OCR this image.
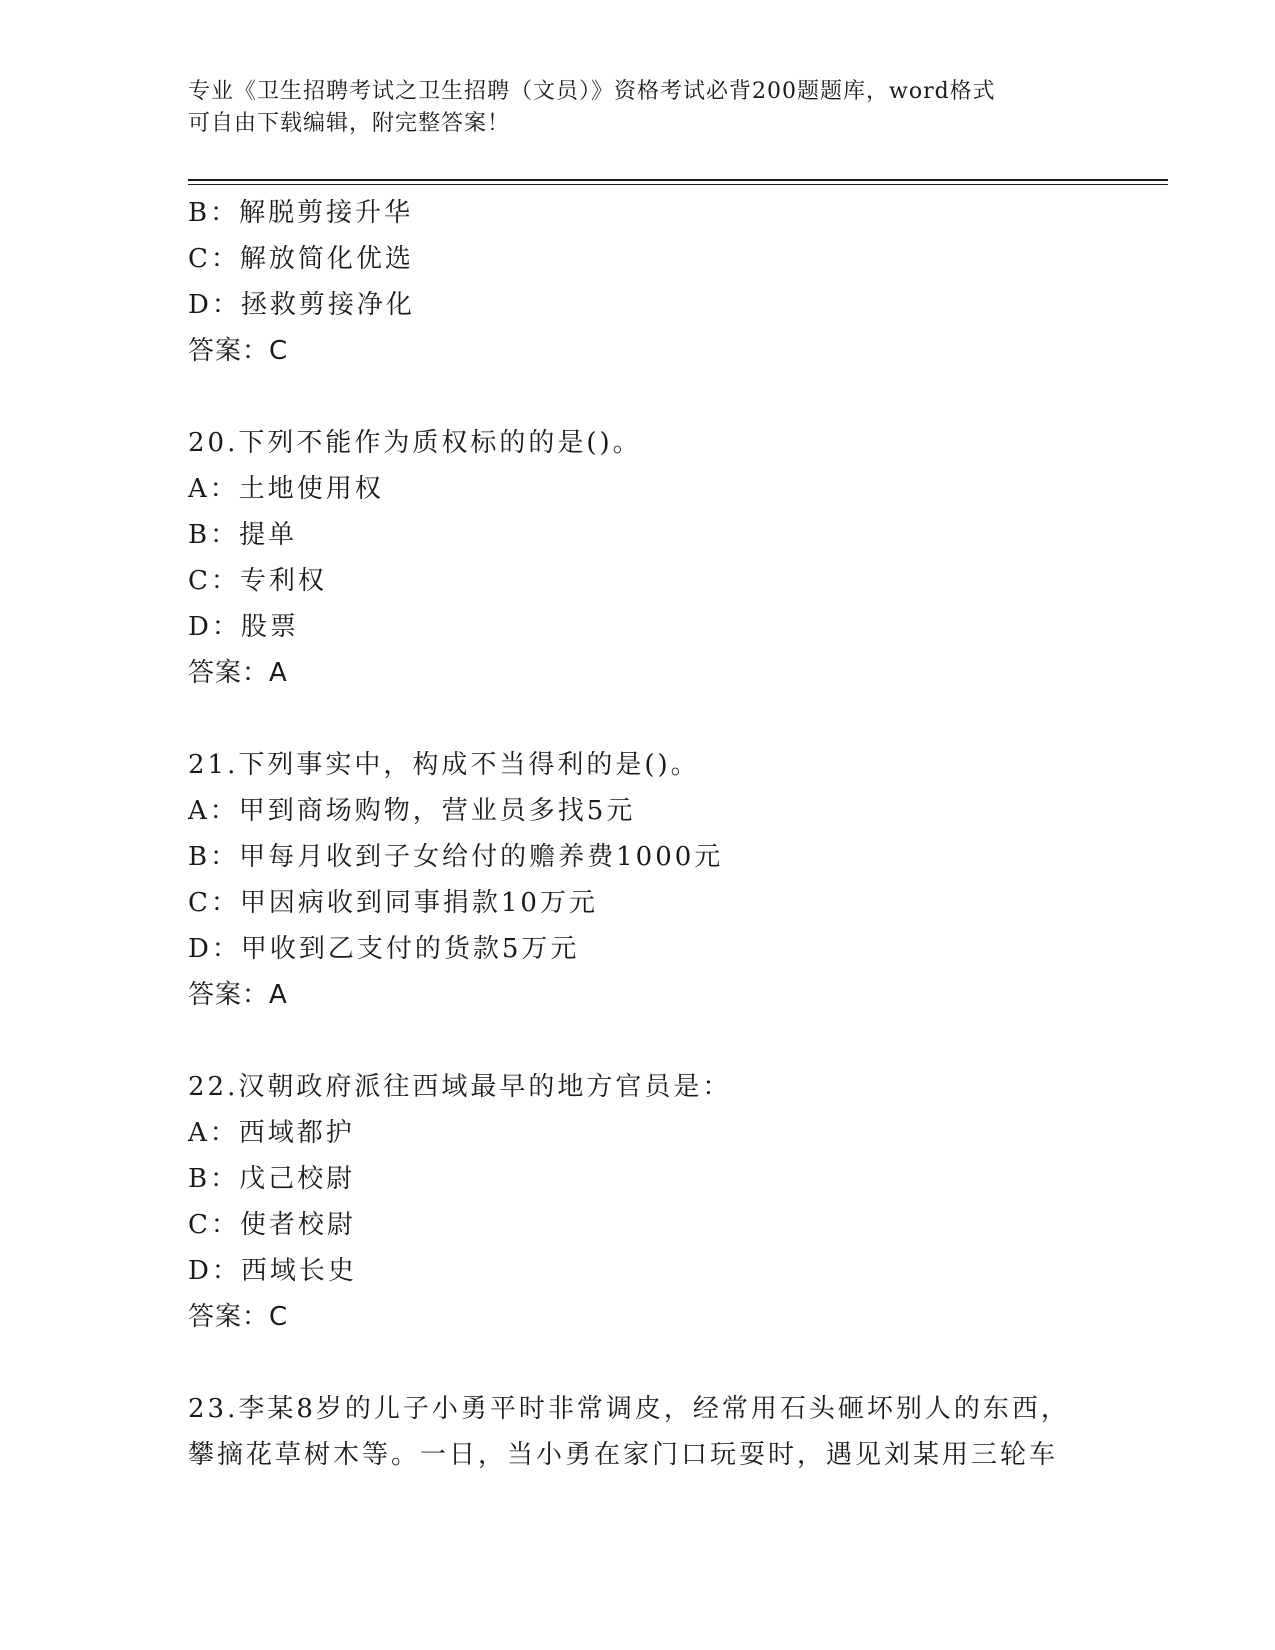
专业《卫生招聘考试之卫生招聘（文员）》资格考试必背200题题库，word格式
可自由下载编辑，附完整答案！
B：解脱剪接升华
C：解放简化优选
D：拯救剪接净化
答案：C
20.下列不能作为质权标的的是()。
A：土地使用权
B：提单
C：专利权
D：股票
答案：A
21.下列事实中，构成不当得利的是()。
A：甲到商场购物，营业员多找5元
B：甲每月收到子女给付的赡养费1000元
C：甲因病收到同事捐款10万元
D：甲收到乙支付的货款5万元
答案：A
22.汉朝政府派往西域最早的地方官员是：
A：西域都护
B：戊己校尉
C：使者校尉
D：西域长史
答案：C
23.李某8岁的儿子小勇平时非常调皮，经常用石头砸坏别人的东西，
攀摘花草树木等。一日，当小勇在家门口玩耍时，遇见刘某用三轮车
